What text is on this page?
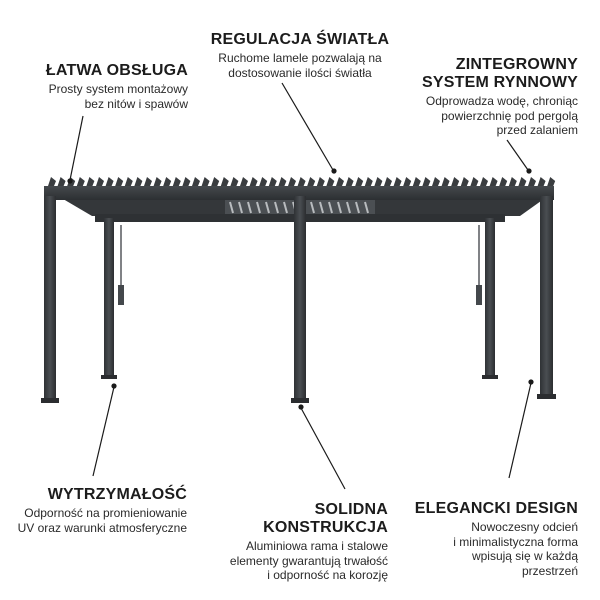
REGULACJA ŚWIATŁA
Ruchome lamele pozwalają na
dostosowanie ilości światła
ŁATWA OBSŁUGA
Prosty system montażowy
bez nitów i spawów
ZINTEGROWNY
SYSTEM RYNNOWY
Odprowadza wodę, chroniąc
powierzchnię pod pergolą
przed zalaniem
WYTRZYMAŁOŚĆ
Odporność na promieniowanie
UV oraz warunki atmosferyczne
SOLIDNA
KONSTRUKCJA
Aluminiowa rama i stalowe
elementy gwarantują trwałość
i odporność na korozję
ELEGANCKI DESIGN
Nowoczesny odcień
i minimalistyczna forma
wpisują się w każdą
przestrzeń
